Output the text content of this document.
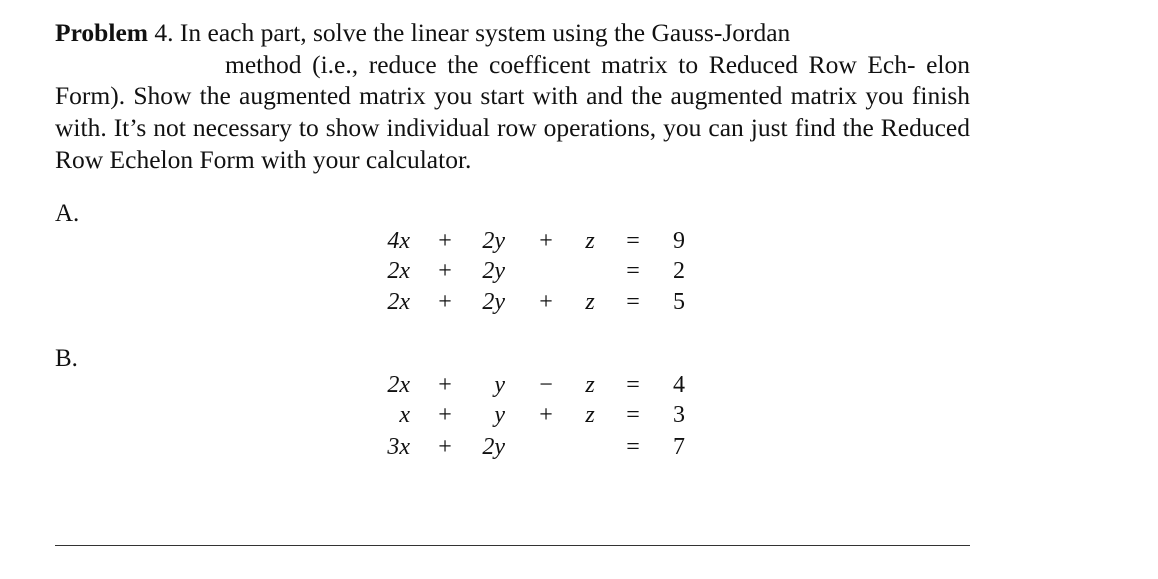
Problem 4. In each part, solve the linear system using the Gauss-Jordan
method (i.e., reduce the coefficent matrix to Reduced Row Ech- elon Form). Show the augmented matrix you start with and the augmented matrix you finish with. It’s not necessary to show individual row operations, you can just find the Reduced Row Echelon Form with your calculator.
A.
B.
4x + 2y + z = 9
2x + 2y	= 2
2x + 2y + z = 5
2x + y − z = 4
x + y + z = 3
3x + 2y	= 7
